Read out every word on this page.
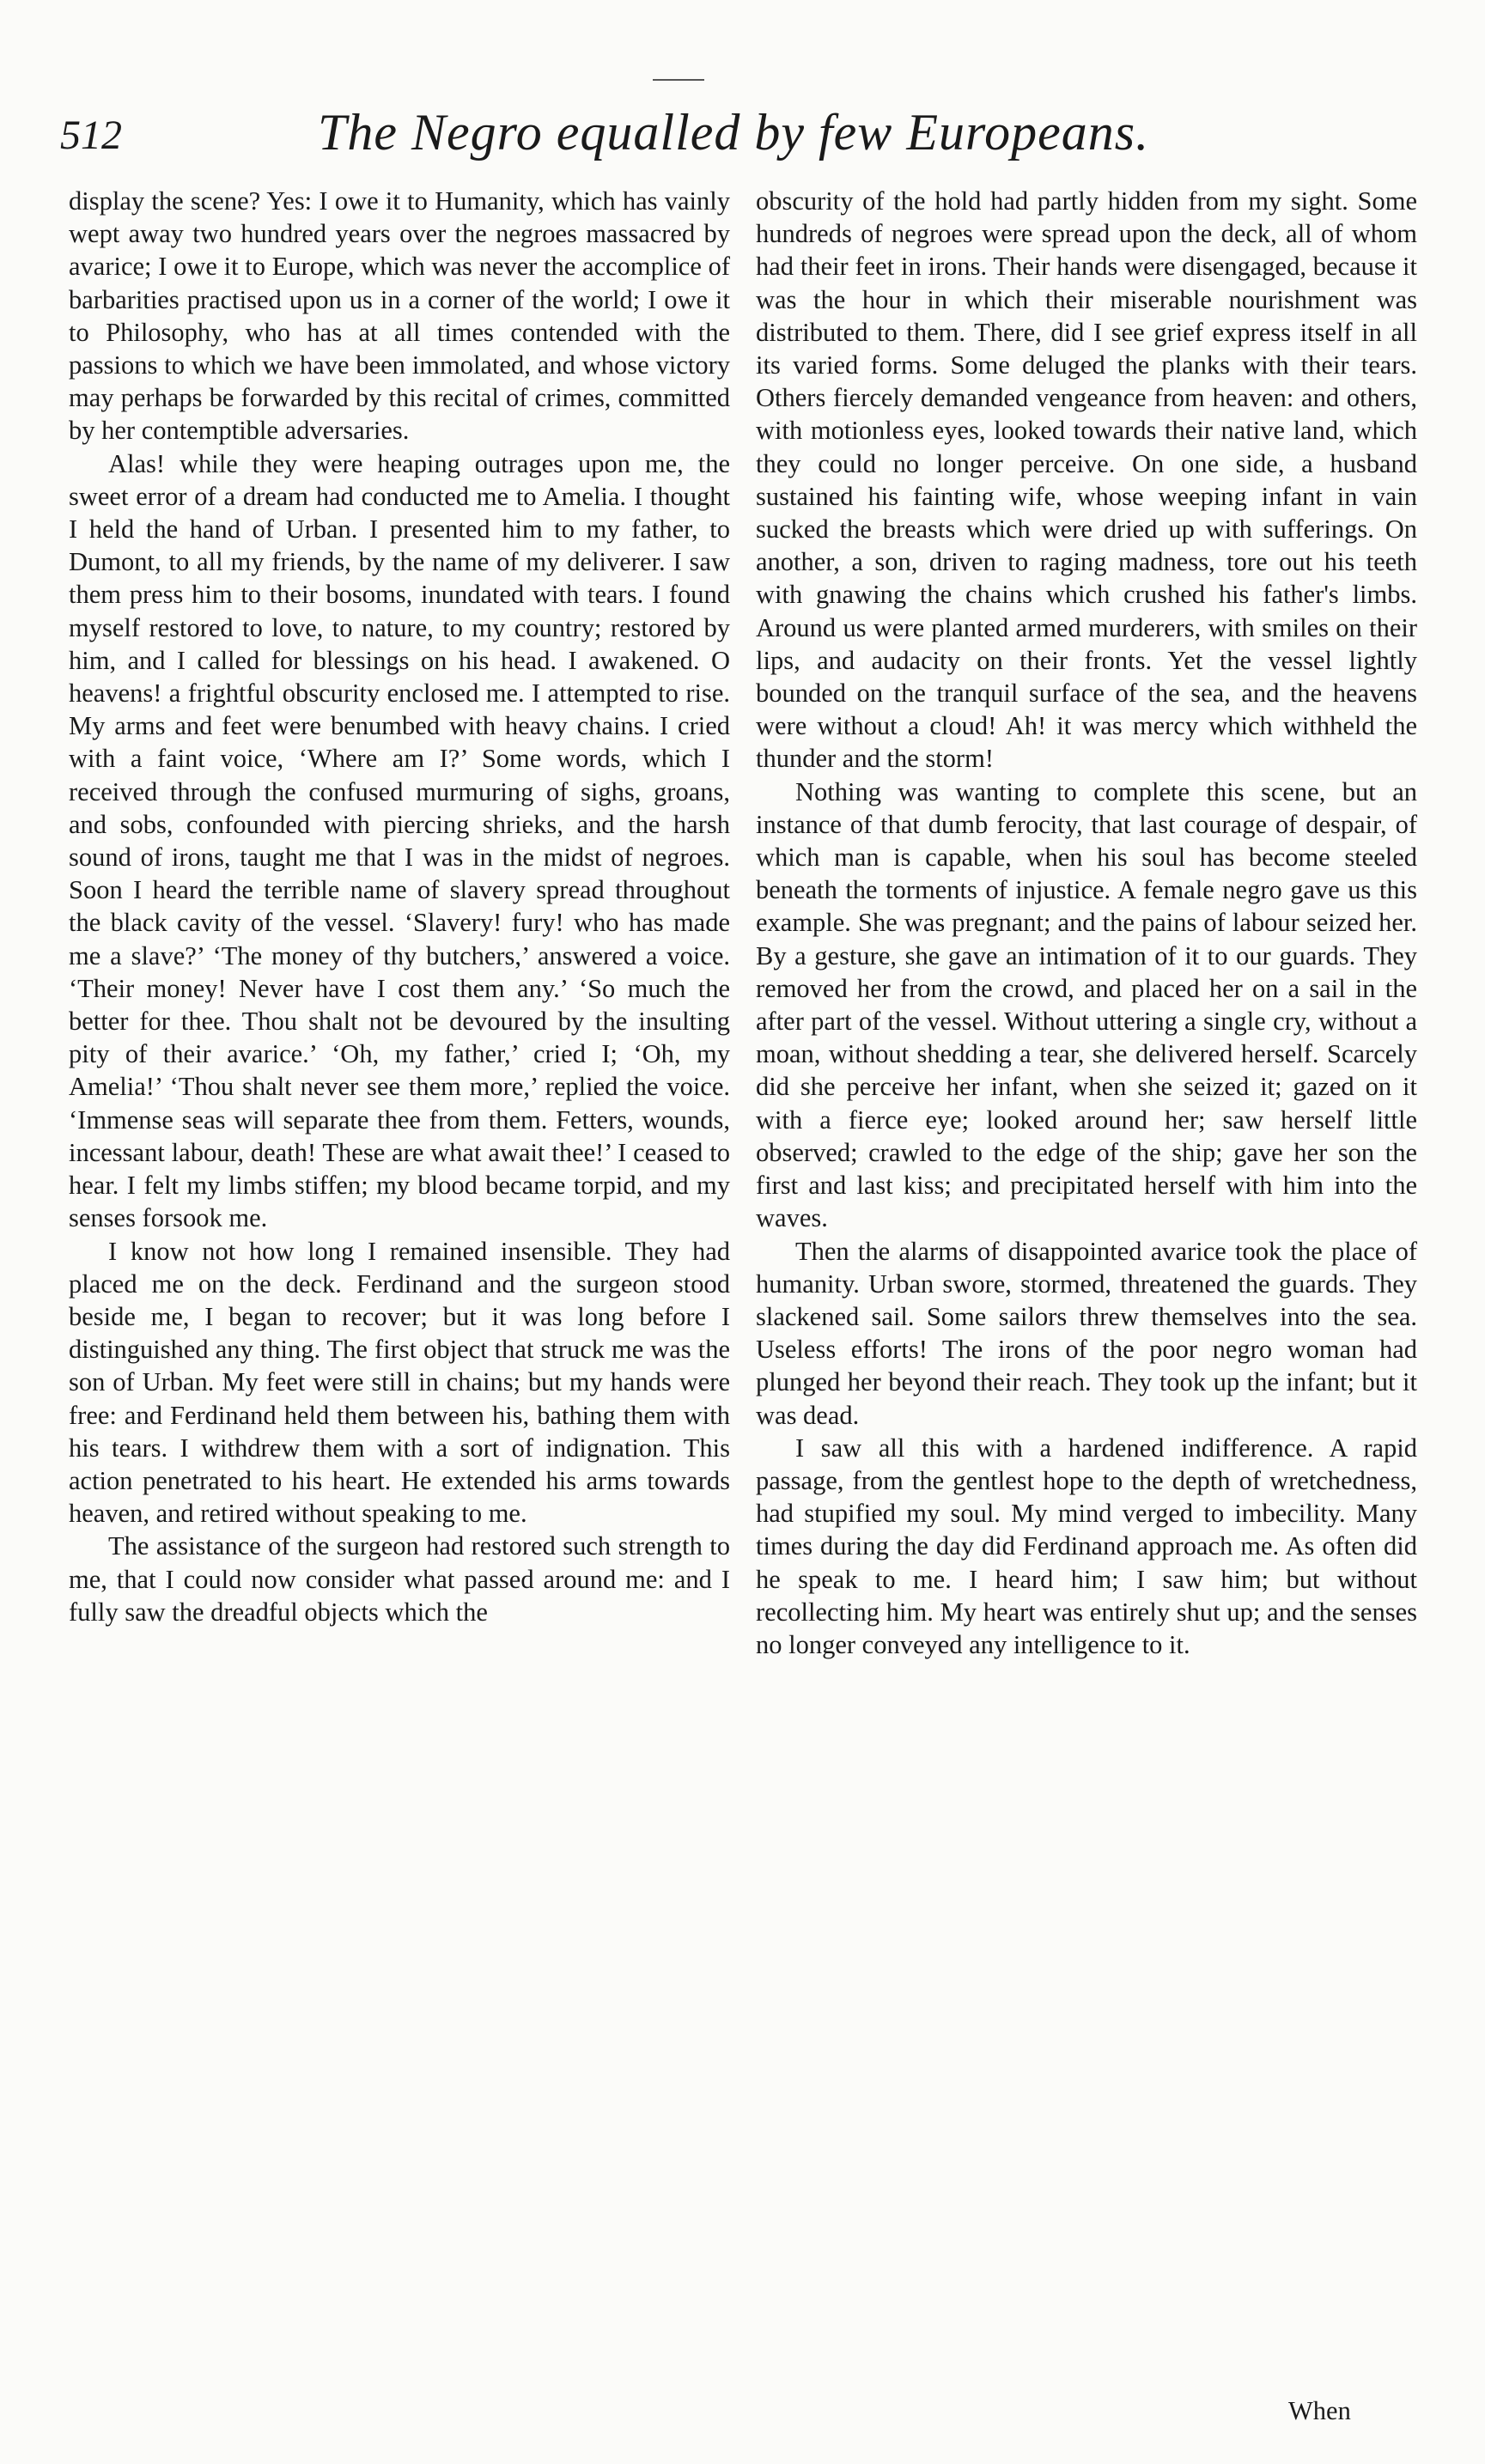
512	The Negro equalled by few Europeans.

display the scene? Yes: I owe it to Humanity, which has vainly wept away two hundred years over the negroes massacred by avarice; I owe it to Europe, which was never the accomplice of barbarities practised upon us in a corner of the world; I owe it to Philosophy, who has at all times contended with the passions to which we have been immolated, and whose victory may perhaps be forwarded by this recital of crimes, committed by her contemptible adversaries.

Alas! while they were heaping outrages upon me, the sweet error of a dream had conducted me to Amelia. I thought I held the hand of Urban. I presented him to my father, to Dumont, to all my friends, by the name of my deliverer. I saw them press him to their bosoms, inundated with tears. I found myself restored to love, to nature, to my country; restored by him, and I called for blessings on his head. I awakened. O heavens! a frightful obscurity enclosed me. I attempted to rise. My arms and feet were benumbed with heavy chains. I cried with a faint voice, ‘Where am I?’ Some words, which I received through the confused murmuring of sighs, groans, and sobs, confounded with piercing shrieks, and the harsh sound of irons, taught me that I was in the midst of negroes. Soon I heard the terrible name of slavery spread throughout the black cavity of the vessel. ‘Slavery! fury! who has made me a slave?’ ‘The money of thy butchers,’ answered a voice. ‘Their money! Never have I cost them any.’ ‘So much the better for thee. Thou shalt not be devoured by the insulting pity of their avarice.’ ‘Oh, my father,’ cried I; ‘Oh, my Amelia!’ ‘Thou shalt never see them more,’ replied the voice. ‘Immense seas will separate thee from them. Fetters, wounds, incessant labour, death! These are what await thee!’ I ceased to hear. I felt my limbs stiffen; my blood became torpid, and my senses forsook me.

I know not how long I remained insensible. They had placed me on the deck. Ferdinand and the surgeon stood beside me, I began to recover; but it was long before I distinguished any thing. The first object that struck me was the son of Urban. My feet were still in chains; but my hands were free: and Ferdinand held them between his, bathing them with his tears. I withdrew them with a sort of indignation. This action penetrated to his heart. He extended his arms towards heaven, and retired without speaking to me.

The assistance of the surgeon had restored such strength to me, that I could now consider what passed around me: and I fully saw the dreadful objects which the

obscurity of the hold had partly hidden from my sight. Some hundreds of negroes were spread upon the deck, all of whom had their feet in irons. Their hands were disengaged, because it was the hour in which their miserable nourishment was distributed to them. There, did I see grief express itself in all its varied forms. Some deluged the planks with their tears. Others fiercely demanded vengeance from heaven: and others, with motionless eyes, looked towards their native land, which they could no longer perceive. On one side, a husband sustained his fainting wife, whose weeping infant in vain sucked the breasts which were dried up with sufferings. On another, a son, driven to raging madness, tore out his teeth with gnawing the chains which crushed his father's limbs. Around us were planted armed murderers, with smiles on their lips, and audacity on their fronts. Yet the vessel lightly bounded on the tranquil surface of the sea, and the heavens were without a cloud! Ah! it was mercy which withheld the thunder and the storm!

Nothing was wanting to complete this scene, but an instance of that dumb ferocity, that last courage of despair, of which man is capable, when his soul has become steeled beneath the torments of injustice. A female negro gave us this example. She was pregnant; and the pains of labour seized her. By a gesture, she gave an intimation of it to our guards. They removed her from the crowd, and placed her on a sail in the after part of the vessel. Without uttering a single cry, without a moan, without shedding a tear, she delivered herself. Scarcely did she perceive her infant, when she seized it; gazed on it with a fierce eye; looked around her; saw herself little observed; crawled to the edge of the ship; gave her son the first and last kiss; and precipitated herself with him into the waves.

Then the alarms of disappointed avarice took the place of humanity. Urban swore, stormed, threatened the guards. They slackened sail. Some sailors threw themselves into the sea. Useless efforts! The irons of the poor negro woman had plunged her beyond their reach. They took up the infant; but it was dead.

I saw all this with a hardened indifference. A rapid passage, from the gentlest hope to the depth of wretchedness, had stupified my soul. My mind verged to imbecility. Many times during the day did Ferdinand approach me. As often did he speak to me. I heard him; I saw him; but without recollecting him. My heart was entirely shut up; and the senses no longer conveyed any intelligence to it.

When
